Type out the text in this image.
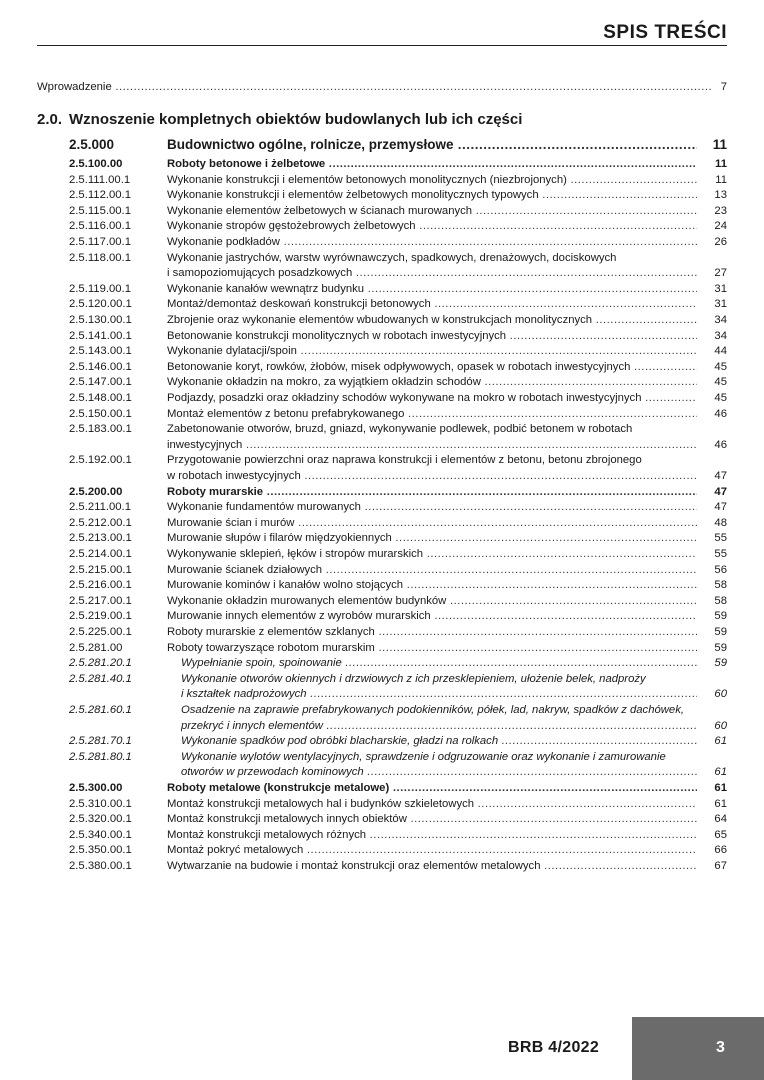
SPIS TREŚCI
Wprowadzenie .....	7
2.0. Wznoszenie kompletnych obiektów budowlanych lub ich części
2.5.000	Budownictwo ogólne, rolnicze, przemysłowe .....	11
2.5.100.00	Roboty betonowe i żelbetowe .....	11
2.5.111.00.1	Wykonanie konstrukcji i elementów betonowych monolitycznych (niezbrojonych) .....	11
2.5.112.00.1	Wykonanie konstrukcji i elementów żelbetowych monolitycznych typowych .....	13
2.5.115.00.1	Wykonanie elementów żelbetowych w ścianach murowanych .....	23
2.5.116.00.1	Wykonanie stropów gęstożebrowych żelbetowych .....	24
2.5.117.00.1	Wykonanie podkładów .....	26
2.5.118.00.1	Wykonanie jastrychów, warstw wyrównawczych, spadkowych, drenażowych, dociskowych
i samopoziomujących posadzkowych .....	27
2.5.119.00.1	Wykonanie kanałów wewnątrz budynku .....	31
2.5.120.00.1	Montaż/demontaż deskowań konstrukcji betonowych .....	31
2.5.130.00.1	Zbrojenie oraz wykonanie elementów wbudowanych w konstrukcjach monolitycznych .....	34
2.5.141.00.1	Betonowanie konstrukcji monolitycznych w robotach inwestycyjnych .....	34
2.5.143.00.1	Wykonanie dylatacji/spoin .....	44
2.5.146.00.1	Betonowanie koryt, rowków, żłobów, misek odpływowych, opasek w robotach inwestycyjnych .....	45
2.5.147.00.1	Wykonanie okładzin na mokro, za wyjątkiem okładzin schodów .....	45
2.5.148.00.1	Podjazdy, posadzki oraz okładziny schodów wykonywane na mokro w robotach inwestycyjnych .....	45
2.5.150.00.1	Montaż elementów z betonu prefabrykowanego .....	46
2.5.183.00.1	Zabetonowanie otworów, bruzd, gniazd, wykonywanie podlewek, podbić betonem w robotach
inwestycyjnych .....	46
2.5.192.00.1	Przygotowanie powierzchni oraz naprawa konstrukcji i elementów z betonu, betonu zbrojonego
w robotach inwestycyjnych .....	47
2.5.200.00	Roboty murarskie .....	47
2.5.211.00.1	Wykonanie fundamentów murowanych .....	47
2.5.212.00.1	Murowanie ścian i murów .....	48
2.5.213.00.1	Murowanie słupów i filarów międzyokiennych .....	55
2.5.214.00.1	Wykonywanie sklepień, łęków i stropów murarskich .....	55
2.5.215.00.1	Murowanie ścianek działowych .....	56
2.5.216.00.1	Murowanie kominów i kanałów wolno stojących .....	58
2.5.217.00.1	Wykonanie okładzin murowanych elementów budynków .....	58
2.5.219.00.1	Murowanie innych elementów z wyrobów murarskich .....	59
2.5.225.00.1	Roboty murarskie z elementów szklanych .....	59
2.5.281.00	Roboty towarzyszące robotom murarskim .....	59
2.5.281.20.1	Wypełnianie spoin, spoinowanie .....	59
2.5.281.40.1	Wykonanie otworów okiennych i drzwiowych z ich przesklepieniem, ułożenie belek, nadproży
i kształtek nadprożowych .....	60
2.5.281.60.1	Osadzenie na zaprawie prefabrykowanych podokienników, półek, lad, nakryw, spadków z dachówek,
przekryć i innych elementów .....	60
2.5.281.70.1	Wykonanie spadków pod obróbki blacharskie, gładzi na rolkach .....	61
2.5.281.80.1	Wykonanie wylotów wentylacyjnych, sprawdzenie i odgruzowanie oraz wykonanie i zamurowanie
otworów w przewodach kominowych .....	61
2.5.300.00	Roboty metalowe (konstrukcje metalowe) .....	61
2.5.310.00.1	Montaż konstrukcji metalowych hal i budynków szkieletowych .....	61
2.5.320.00.1	Montaż konstrukcji metalowych innych obiektów .....	64
2.5.340.00.1	Montaż konstrukcji metalowych różnych .....	65
2.5.350.00.1	Montaż pokryć metalowych .....	66
2.5.380.00.1	Wytwarzanie na budowie i montaż konstrukcji oraz elementów metalowych .....	67
BRB 4/2022	3
